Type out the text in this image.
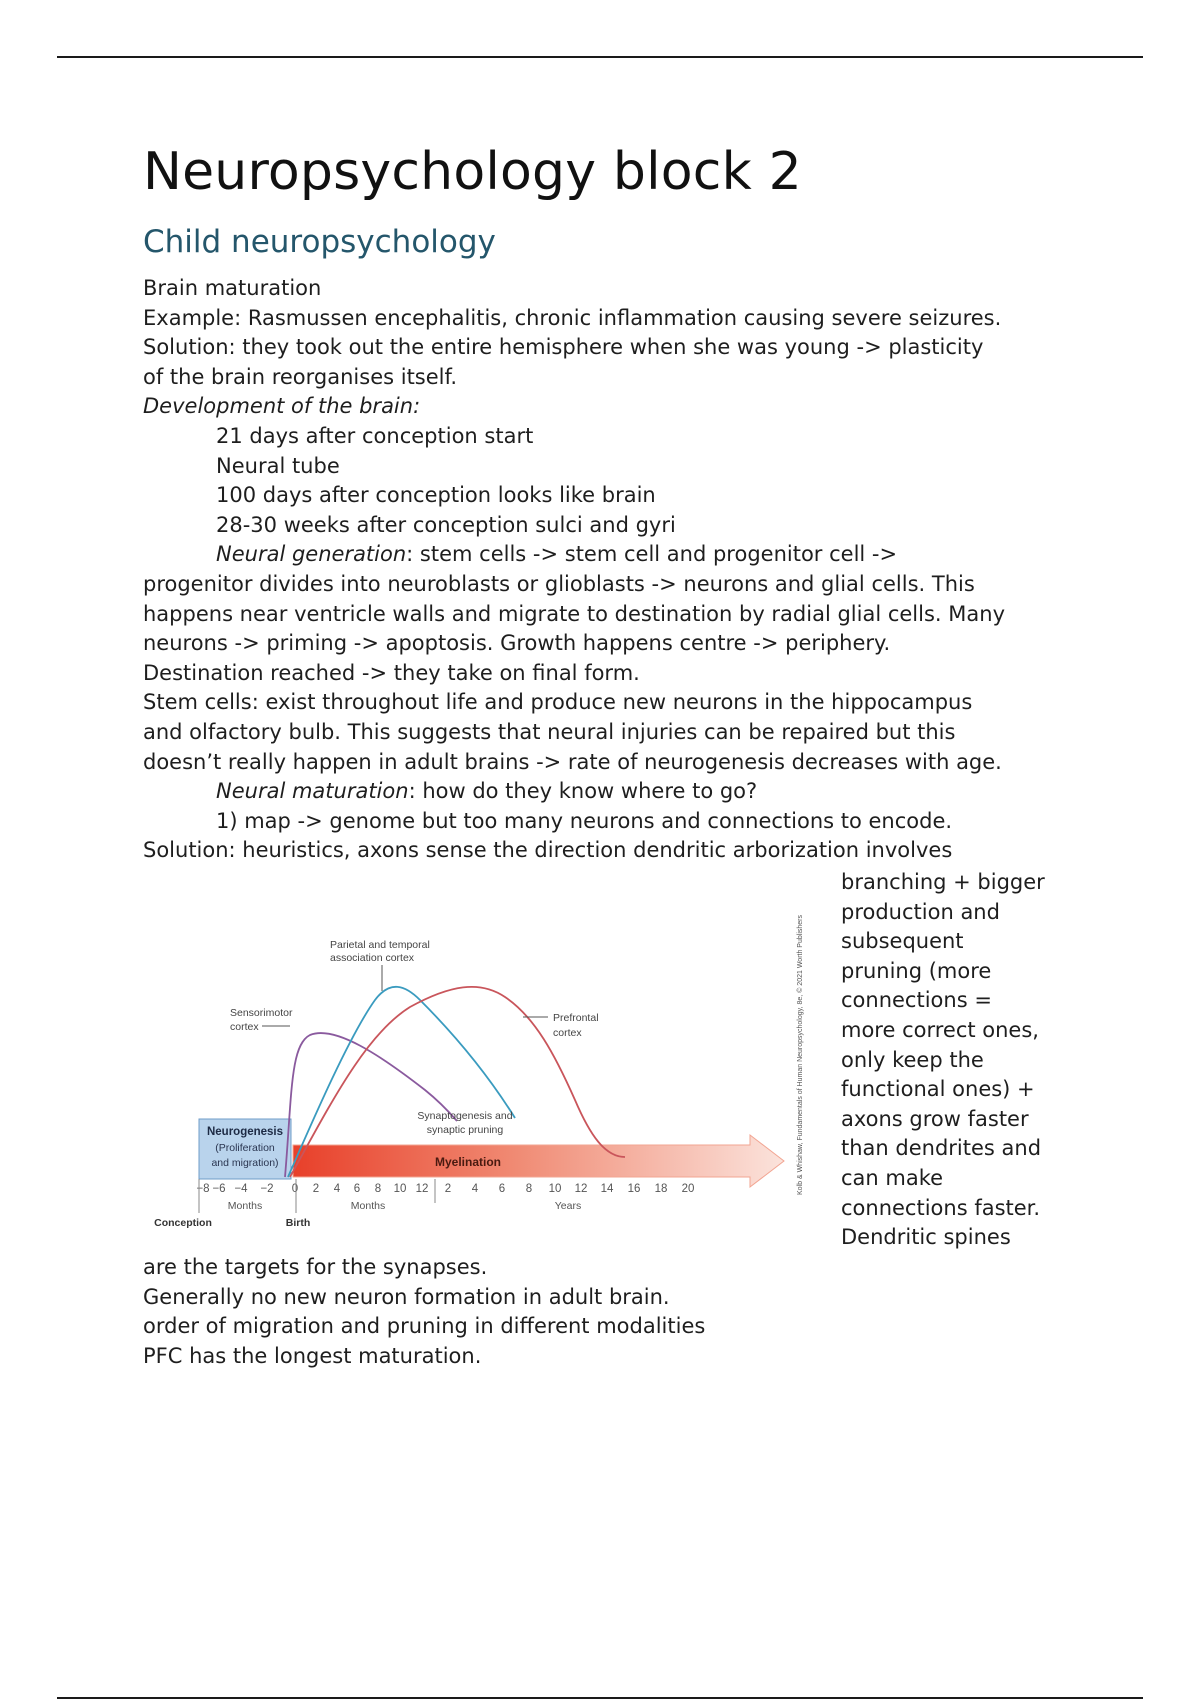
Neuropsychology block 2
Child neuropsychology

Brain maturation

Example: Rasmussen encephalitis, chronic inflammation causing severe seizures.

Solution: they took out the entire hemisphere when she was young -> plasticity

of the brain reorganises itself.

Development of the brain:

21 days after conception start

Neural tube

100 days after conception looks like brain

28-30 weeks after conception sulci and gyri

Neural generation: stem cells -> stem cell and progenitor cell ->

progenitor divides into neuroblasts or glioblasts -> neurons and glial cells. This

happens near ventricle walls and migrate to destination by radial glial cells. Many

neurons -> priming -> apoptosis. Growth happens centre -> periphery.

Destination reached -> they take on final form.

Stem cells: exist throughout life and produce new neurons in the hippocampus

and olfactory bulb. This suggests that neural injuries can be repaired but this

doesn’t really happen in adult brains -> rate of neurogenesis decreases with age.

Neural maturation: how do they know where to go?

1) map -> genome but too many neurons and connections to encode.

Solution: heuristics, axons sense the direction dendritic arborization involves

Neurogenesis
(Proliferation
and migration)	Myelination
−8 −6 −4 −2 0 2 4 6 8 10 12 2 4 6 8 10 12 14 16 18 20
Months	Months	Years
Conception	Birth
Parietal and temporal
association cortex
Sensorimotor
cortex
Prefrontal
cortex
Synaptogenesis and
synaptic pruning	Kolb & Whishaw, Fundamentals of Human Neuropsychology, 8e, © 2021 Worth Publishers

branching + bigger

production and

subsequent

pruning (more

connections =

more correct ones,

only keep the

functional ones) +

axons grow faster

than dendrites and

can make

connections faster.

Dendritic spines

are the targets for the synapses.

Generally no new neuron formation in adult brain.

order of migration and pruning in different modalities

PFC has the longest maturation.
